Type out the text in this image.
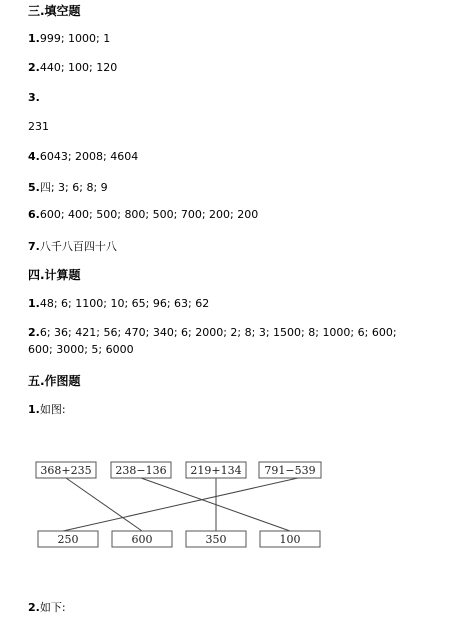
三.填空题
1.999; 1000; 1
2.440; 100; 120
3.
231
4.6043; 2008; 4604
5.四; 3; 6; 8; 9
6.600; 400; 500; 800; 500; 700; 200; 200
7.八千八百四十八
四.计算题
1.48; 6; 1100; 10; 65; 96; 63; 62
2.6; 36; 421; 56; 470; 340; 6; 2000; 2; 8; 3; 1500; 8; 1000; 6; 600;
600; 3000; 5; 6000
五.作图题
1.如图:
368+235 238−136 219+134 791−539
250	600	350	100
2.如下:
